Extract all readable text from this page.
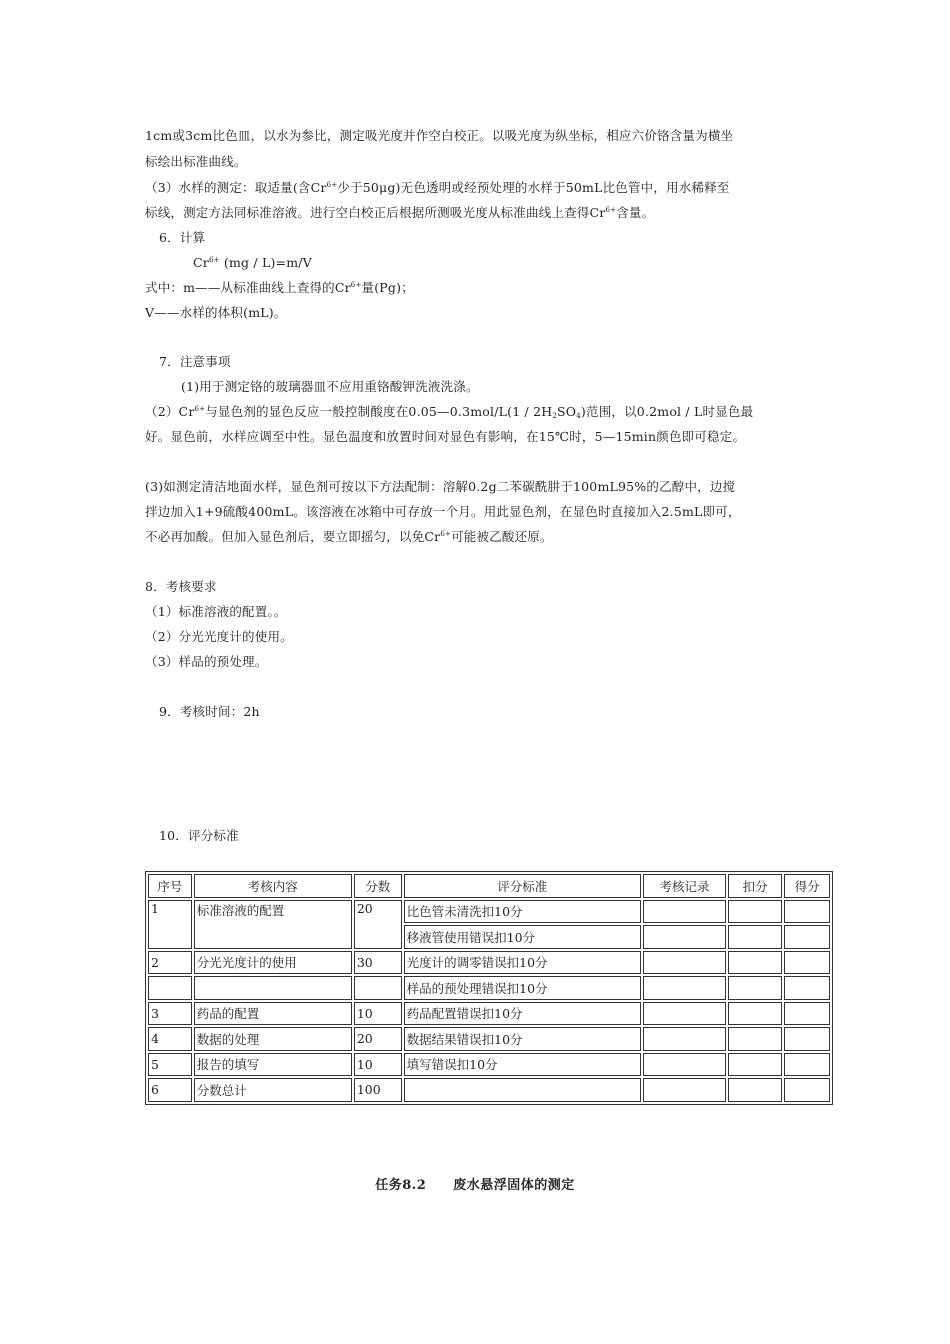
1cm或3cm比色皿，以水为参比，测定吸光度并作空白校正。以吸光度为纵坐标，相应六价铬含量为横坐
标绘出标准曲线。
（3）水样的测定：取适量(含$Cr^{6+}$少于50μg)无色透明或经预处理的水样于50mL比色管中，用水稀释至
标线，测定方法同标准溶液。进行空白校正后根据所测吸光度从标准曲线上查得$Cr^{6+}$含量。
6．计算
$Cr^{6+}$ (mg / L)=m/V
式中：m——从标准曲线上查得的$Cr^{6+}$量(Pg)；
V——水样的体积(mL)。
7．注意事项
(1)用于测定铬的玻璃器皿不应用重铬酸钾洗液洗涤。
$(2)Cr^{6+}$与显色剂的显色反应一般控制酸度在0.05—0.3mol/L(1 / $2H_2SO_4$)范围，以0.2mol / L时显色最
好。显色前，水样应调至中性。显色温度和放置时间对显色有影响，在15℃时，5—15min颜色即可稳定。
(3)如测定清洁地面水样，显色剂可按以下方法配制：溶解0.2g二苯碳酰肼于100mL95%的乙醇中，边搅
拌边加入1+9硫酸400mL。该溶液在冰箱中可存放一个月。用此显色剂，在显色时直接加入2.5mL即可，
不必再加酸。但加入显色剂后，要立即摇匀，以免$Cr^{6+}$可能被乙酸还原。
8．考核要求
（1）标准溶液的配置。。
（2）分光光度计的使用。
（3）样品的预处理。
9．考核时间：2h
10．评分标准
序号	考核内容	分数	评分标准	考核记录	扣分	得分
1	标准溶液的配置	20	比色管未清洗扣10分			
			移液管使用错误扣10分			
2	分光光度计的使用	30	光度计的调零错误扣10分			
			样品的预处理错误扣10分			
3	药品的配置	10	药品配置错误扣10分			
4	数据的处理	20	数据结果错误扣10分			
5	报告的填写	10	填写错误扣10分			
6	分数总计	100				
任务8.2　　废水悬浮固体的测定
